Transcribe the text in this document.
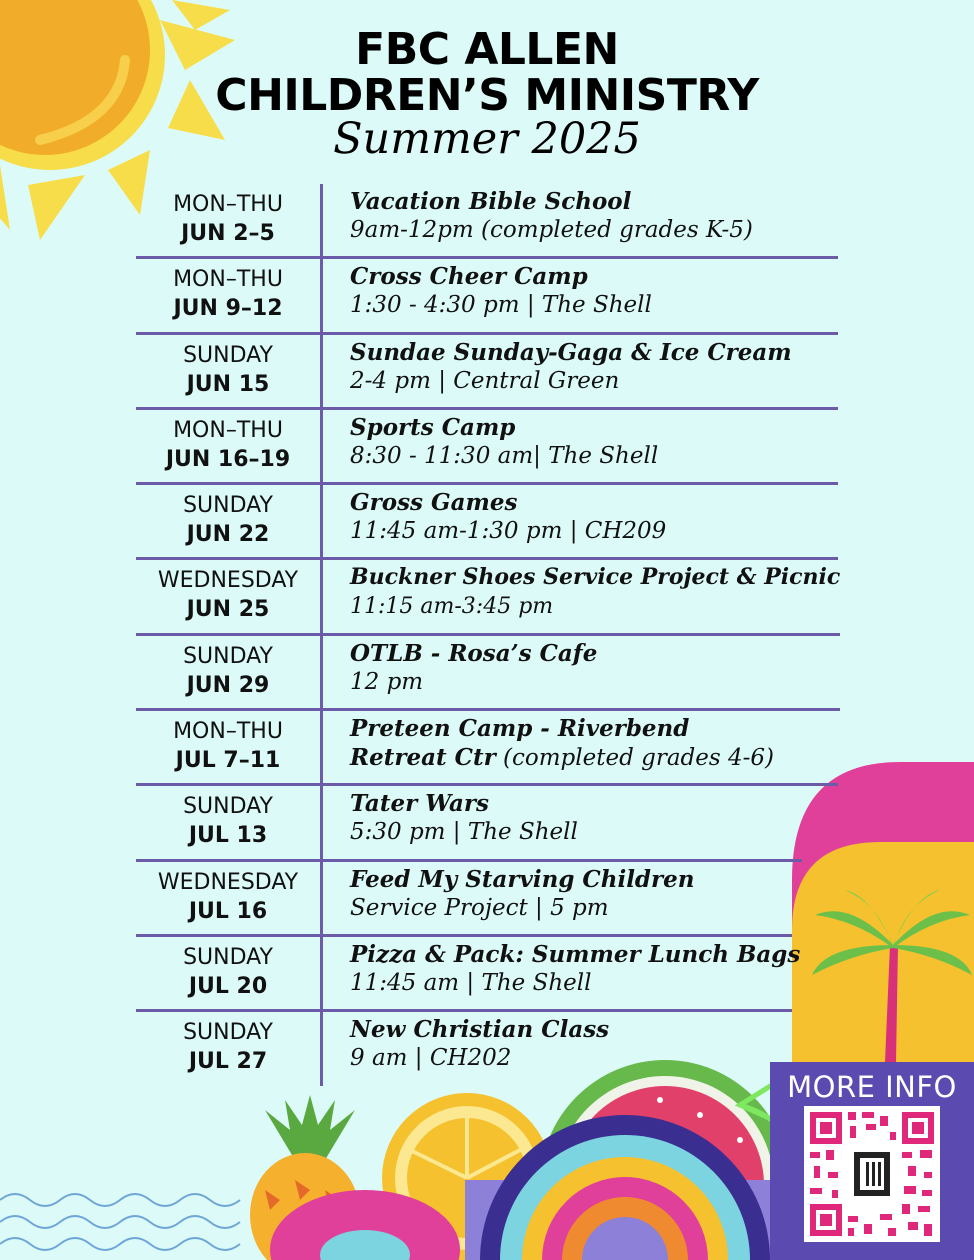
FBC ALLEN
CHILDREN’S MINISTRY
Summer 2025
MON–THU
JUN 2–5
Vacation Bible School
9am-12pm (completed grades K-5)
MON–THU
JUN 9–12
Cross Cheer Camp
1:30 - 4:30 pm | The Shell
SUNDAY
JUN 15
Sundae Sunday-Gaga & Ice Cream
2-4 pm | Central Green
MON–THU
JUN 16–19
Sports Camp
8:30 - 11:30 am| The Shell
SUNDAY
JUN 22
Gross Games
11:45 am-1:30 pm | CH209
WEDNESDAY
JUN 25
Buckner Shoes Service Project & Picnic
11:15 am-3:45 pm
SUNDAY
JUN 29
OTLB - Rosa’s Cafe
12 pm
MON–THU
JUL 7–11
Preteen Camp - Riverbend
Retreat Ctr (completed grades 4-6)
SUNDAY
JUL 13
Tater Wars
5:30 pm | The Shell
WEDNESDAY
JUL 16
Feed My Starving Children
Service Project | 5 pm
SUNDAY
JUL 20
Pizza & Pack: Summer Lunch Bags
11:45 am | The Shell
SUNDAY
JUL 27
New Christian Class
9 am | CH202
MORE INFO
